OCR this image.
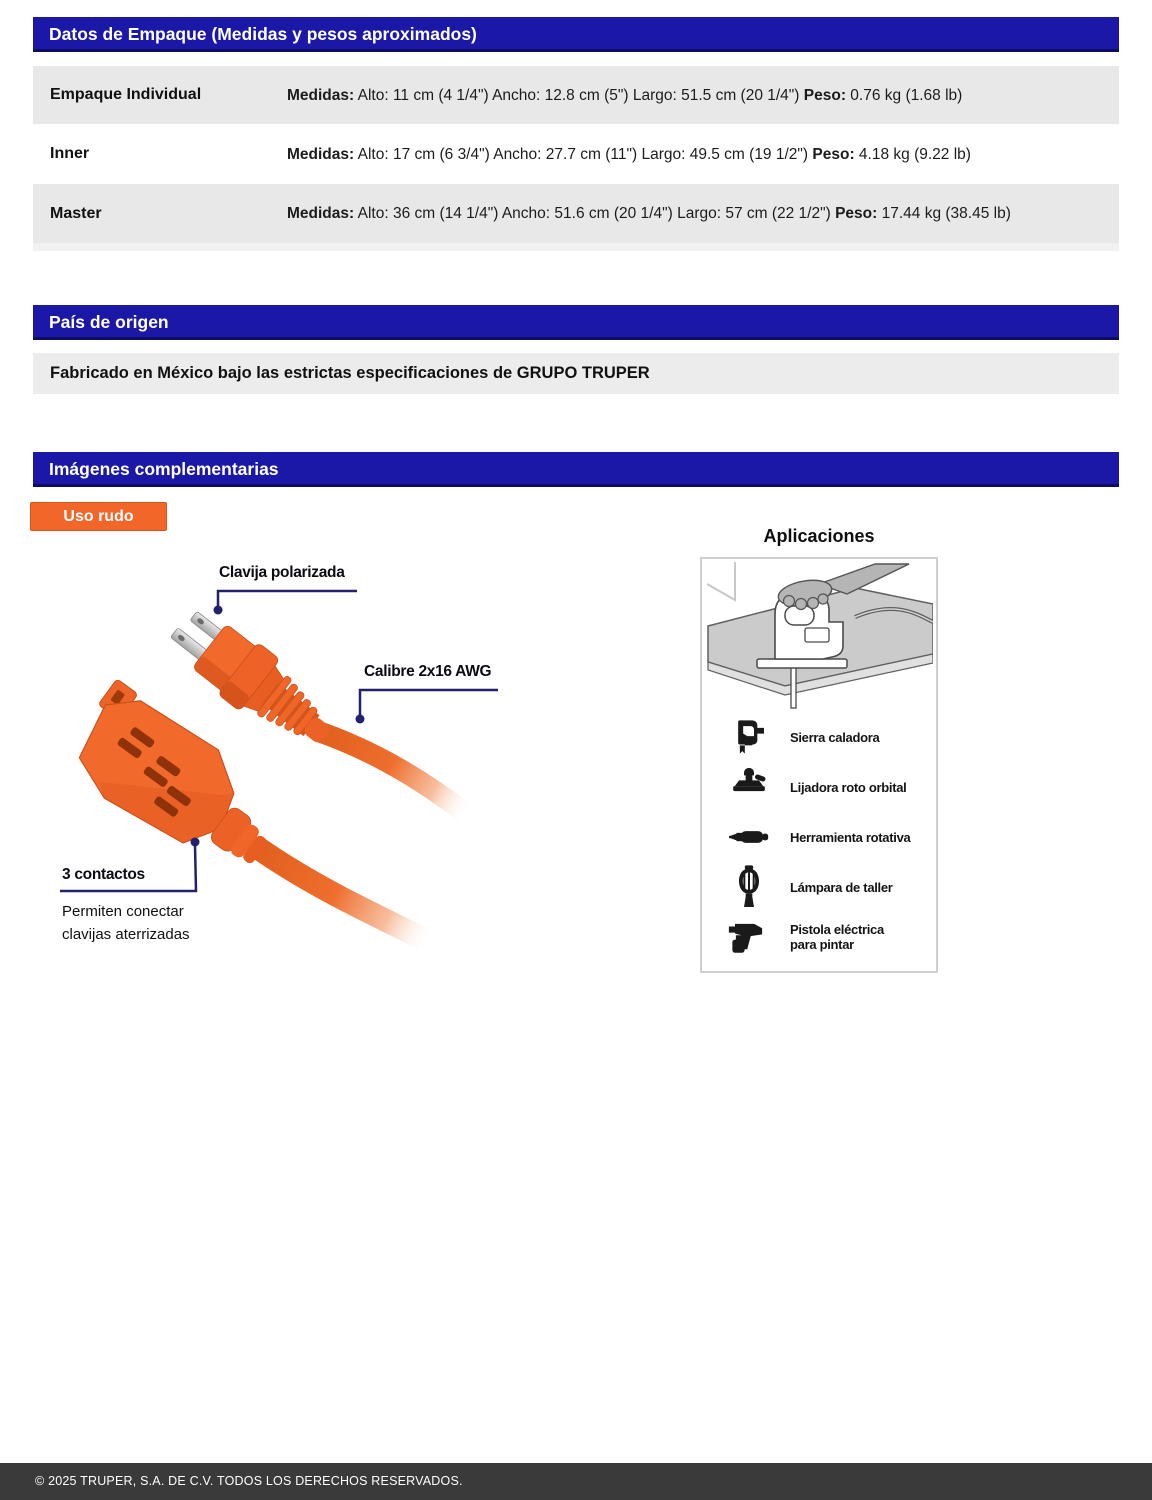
Datos de Empaque (Medidas y pesos aproximados)
Empaque Individual	Medidas: Alto: 11 cm (4 1/4") Ancho: 12.8 cm (5") Largo: 51.5 cm (20 1/4") Peso: 0.76 kg (1.68 lb)
Inner	Medidas: Alto: 17 cm (6 3/4") Ancho: 27.7 cm (11") Largo: 49.5 cm (19 1/2") Peso: 4.18 kg (9.22 lb)
Master	Medidas: Alto: 36 cm (14 1/4") Ancho: 51.6 cm (20 1/4") Largo: 57 cm (22 1/2") Peso: 17.44 kg (38.45 lb)
País de origen
Fabricado en México bajo las estrictas especificaciones de GRUPO TRUPER
Imágenes complementarias
Uso rudo
Clavija polarizada
Calibre 2x16 AWG
3 contactos
Permiten conectar
clavijas aterrizadas
Aplicaciones
Sierra caladora
Lijadora roto orbital
Herramienta rotativa
Lámpara de taller
Pistola eléctrica
para pintar
© 2025 TRUPER, S.A. DE C.V. TODOS LOS DERECHOS RESERVADOS.
